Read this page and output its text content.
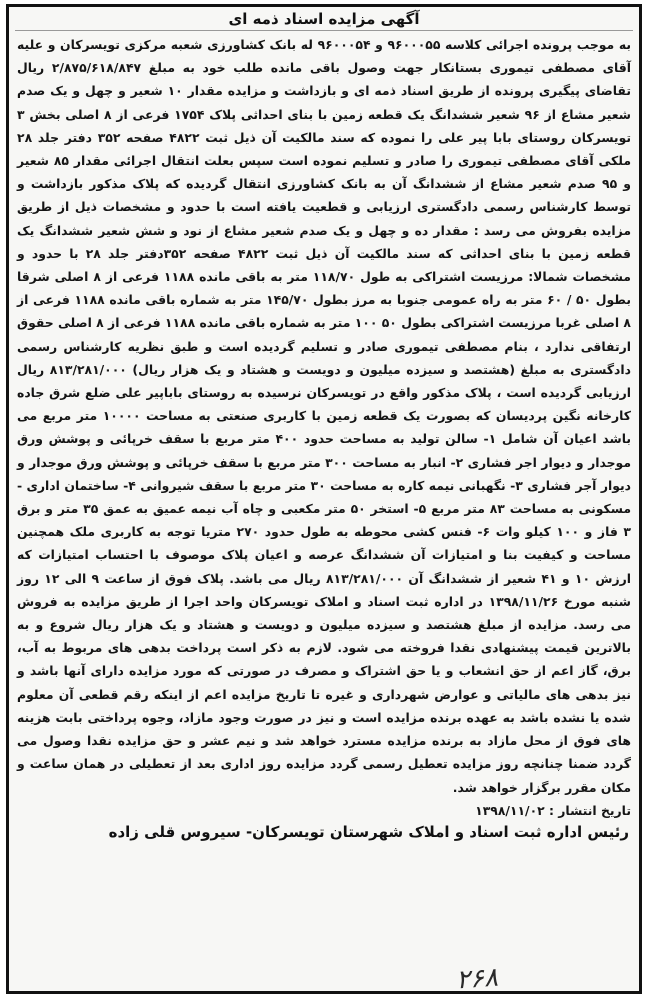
آگهی مزایده اسناد ذمه ای

به موجب پرونده اجرائی کلاسه ۹۶۰۰۰۵۵ و ۹۶۰۰۰۵۴ له بانک کشاورزی شعبه مرکزی تویسرکان و علیه آقای مصطفی تیموری بستانکار جهت وصول باقی مانده طلب خود به مبلغ ۲/۸۷۵/۶۱۸/۸۴۷ ریال تقاضای پیگیری پرونده از طریق اسناد ذمه ای و بازداشت و مزایده مقدار ۱۰ شعیر و چهل و یک صدم شعیر مشاع از ۹۶ شعیر ششدانگ یک قطعه زمین با بنای احداثی پلاک ۱۷۵۴ فرعی از ۸ اصلی بخش ۳ تویسرکان روستای بابا پیر علی را نموده که سند مالکیت آن ذیل ثبت ۴۸۲۲ صفحه ۳۵۲ دفتر جلد ۲۸ ملکی آقای مصطفی تیموری را صادر و تسلیم نموده است سپس بعلت انتقال اجرائی مقدار ۸۵ شعیر و ۹۵ صدم شعیر مشاع از ششدانگ آن به بانک کشاورزی انتقال گردیده که پلاک مذکور بازداشت و توسط کارشناس رسمی دادگستری ارزیابی و قطعیت یافته است با حدود و مشخصات ذیل از طریق مزایده بفروش می رسد : مقدار ده و چهل و یک صدم شعیر مشاع از نود و شش شعیر ششدانگ یک قطعه زمین با بنای احداثی که سند مالکیت آن ذیل ثبت ۴۸۲۲ صفحه ۳۵۲دفتر جلد ۲۸ با حدود و مشخصات شمالا: مرزیست اشتراکی به طول ۱۱۸/۷۰ متر به باقی مانده ۱۱۸۸ فرعی از ۸ اصلی شرقا بطول ۵۰ / ۶۰ متر به راه عمومی جنوبا به مرز بطول ۱۴۵/۷۰ متر به شماره باقی مانده ۱۱۸۸ فرعی از ۸ اصلی غربا مرزیست اشتراکی بطول ۵۰ ۱۰۰ متر به شماره باقی مانده ۱۱۸۸ فرعی از ۸ اصلی حقوق ارتفاقی ندارد ، بنام مصطفی تیموری صادر و تسلیم گردیده است و طبق نظریه کارشناس رسمی دادگستری به مبلغ (هشتصد و سیزده میلیون و دویست و هشتاد و یک هزار ریال) ۸۱۳/۲۸۱/۰۰۰ ریال ارزیابی گردیده است ، پلاک مذکور واقع در تویسرکان نرسیده به روستای باباپیر علی ضلع شرق جاده کارخانه نگین پردیسان که بصورت یک قطعه زمین با کاربری صنعتی به مساحت ۱۰۰۰۰ متر مربع می باشد اعیان آن شامل ۱- سالن تولید به مساحت حدود ۴۰۰ متر مربع با سقف خرپائی و پوشش ورق موجدار و دیوار اجر فشاری ۲- انبار به مساحت ۳۰۰ متر مربع با سقف خرپائی و پوشش ورق موجدار و دیوار آجر فشاری ۳- نگهبانی نیمه کاره به مساحت ۳۰ متر مربع با سقف شیروانی ۴- ساختمان اداری - مسکونی به مساحت ۸۳ متر مربع ۵- استخر ۵۰ متر مکعبی و چاه آب نیمه عمیق به عمق ۳۵ متر و برق ۳ فاز و ۱۰۰ کیلو وات ۶- فنس کشی محوطه به طول حدود ۲۷۰ متریا توجه به کاربری ملک همچنین مساحت و کیفیت بنا و امتیازات آن ششدانگ عرصه و اعیان پلاک موصوف با احتساب امتیازات که ارزش ۱۰ و ۴۱ شعیر از ششدانگ آن ۸۱۳/۲۸۱/۰۰۰ ریال می باشد. پلاک فوق از ساعت ۹ الی ۱۲ روز شنبه مورخ ۱۳۹۸/۱۱/۲۶ در اداره ثبت اسناد و املاک تویسرکان واحد اجرا از طریق مزایده به فروش می رسد. مزایده از مبلغ هشتصد و سیزده میلیون و دویست و هشتاد و یک هزار ریال شروع و به بالاترین قیمت پیشنهادی نقدا فروخته می شود. لازم به ذکر است پرداخت بدهی های مربوط به آب، برق، گاز اعم از حق انشعاب و یا حق اشتراک و مصرف در صورتی که مورد مزایده دارای آنها باشد و نیز بدهی های مالیاتی و عوارض شهرداری و غیره تا تاریخ مزایده اعم از اینکه رقم قطعی آن معلوم شده یا نشده باشد به عهده برنده مزایده است و نیز در صورت وجود مازاد، وجوه پرداختی بابت هزینه های فوق از محل مازاد به برنده مزایده مسترد خواهد شد و نیم عشر و حق مزایده نقدا وصول می گردد ضمنا چنانچه روز مزایده تعطیل رسمی گردد مزایده روز اداری بعد از تعطیلی در همان ساعت و مکان مقرر برگزار خواهد شد.

تاریخ انتشار : ۱۳۹۸/۱۱/۰۲

رئیس اداره ثبت اسناد و املاک شهرستان تویسرکان- سیروس قلی زاده

۲۶۸
